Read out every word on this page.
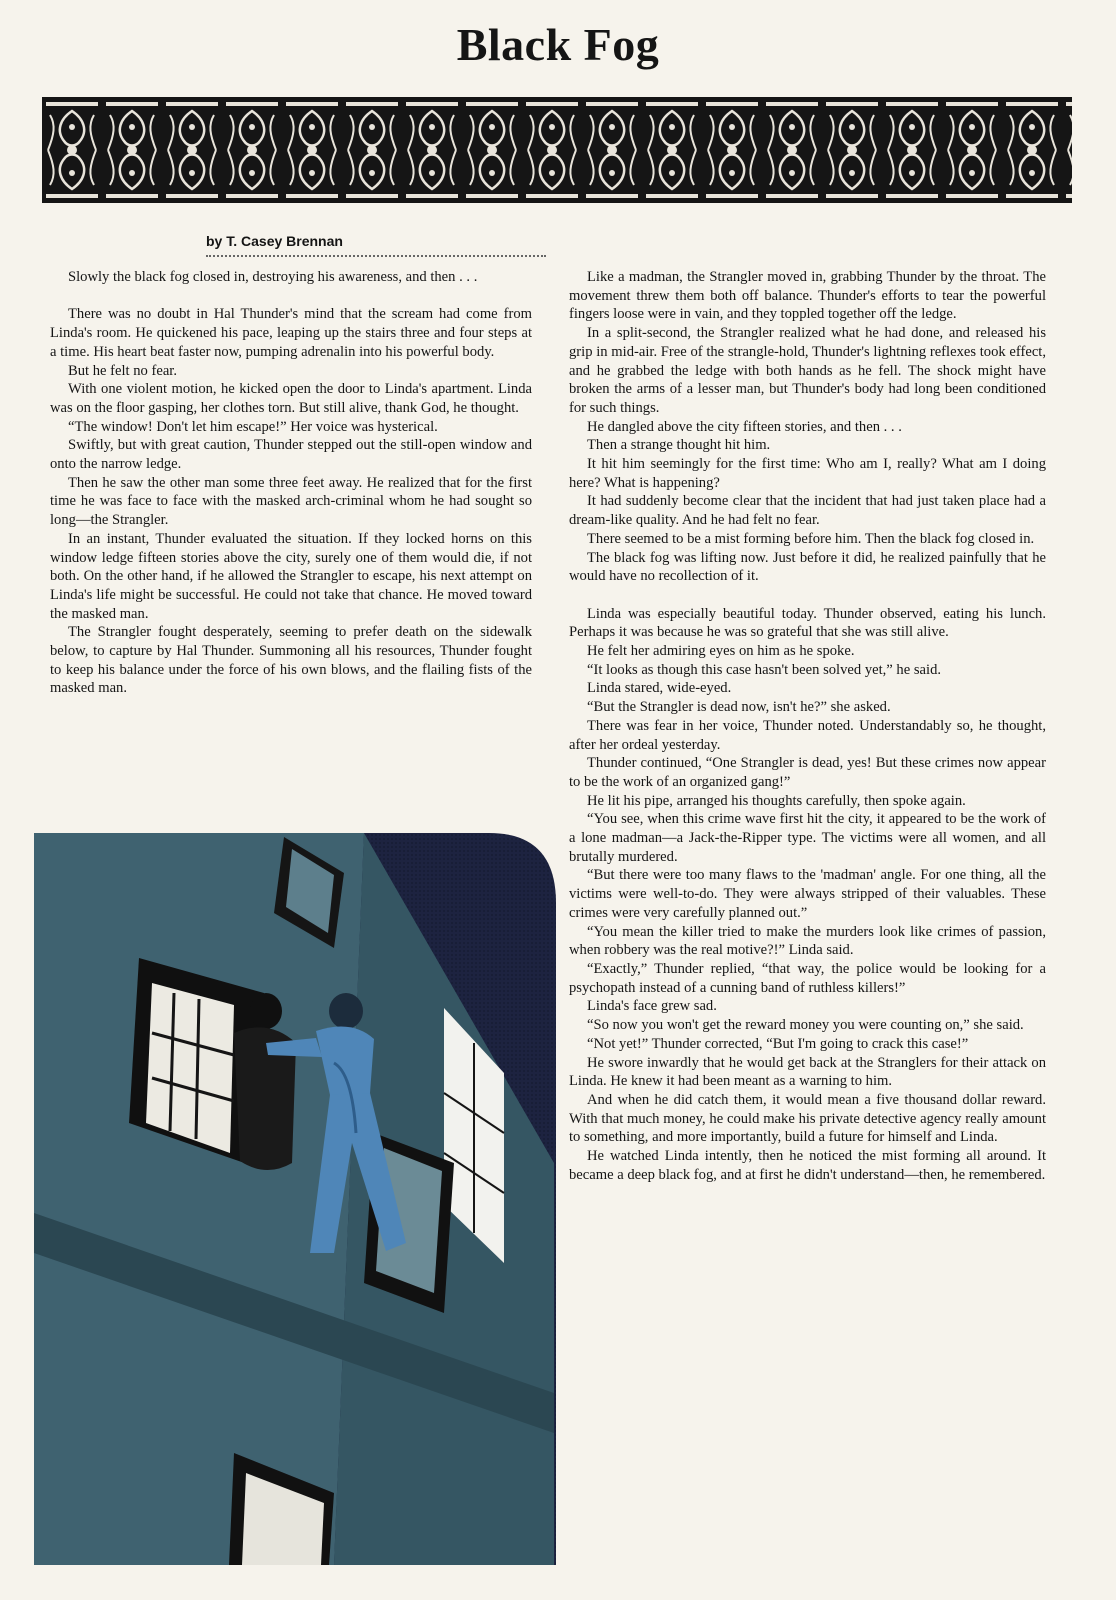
Black Fog
by T. Casey Brennan

Slowly the black fog closed in, destroying his awareness, and then . . .

There was no doubt in Hal Thunder's mind that the scream had come from Linda's room. He quickened his pace, leaping up the stairs three and four steps at a time. His heart beat faster now, pumping adrenalin into his powerful body.

But he felt no fear.

With one violent motion, he kicked open the door to Linda's apartment. Linda was on the floor gasping, her clothes torn. But still alive, thank God, he thought.

“The window! Don't let him escape!” Her voice was hysterical.

Swiftly, but with great caution, Thunder stepped out the still-open window and onto the narrow ledge.

Then he saw the other man some three feet away. He realized that for the first time he was face to face with the masked arch-criminal whom he had sought so long—the Strangler.

In an instant, Thunder evaluated the situation. If they locked horns on this window ledge fifteen stories above the city, surely one of them would die, if not both. On the other hand, if he allowed the Strangler to escape, his next attempt on Linda's life might be successful. He could not take that chance. He moved toward the masked man.

The Strangler fought desperately, seeming to prefer death on the sidewalk below, to capture by Hal Thunder. Summoning all his resources, Thunder fought to keep his balance under the force of his own blows, and the flailing fists of the masked man.

Like a madman, the Strangler moved in, grabbing Thunder by the throat. The movement threw them both off balance. Thunder's efforts to tear the powerful fingers loose were in vain, and they toppled together off the ledge.

In a split-second, the Strangler realized what he had done, and released his grip in mid-air. Free of the strangle-hold, Thunder's lightning reflexes took effect, and he grabbed the ledge with both hands as he fell. The shock might have broken the arms of a lesser man, but Thunder's body had long been conditioned for such things.

He dangled above the city fifteen stories, and then . . .

Then a strange thought hit him.

It hit him seemingly for the first time: Who am I, really? What am I doing here? What is happening?

It had suddenly become clear that the incident that had just taken place had a dream-like quality. And he had felt no fear.

There seemed to be a mist forming before him. Then the black fog closed in.

The black fog was lifting now. Just before it did, he realized painfully that he would have no recollection of it.

Linda was especially beautiful today. Thunder observed, eating his lunch. Perhaps it was because he was so grateful that she was still alive.

He felt her admiring eyes on him as he spoke.

“It looks as though this case hasn't been solved yet,” he said.

Linda stared, wide-eyed.

“But the Strangler is dead now, isn't he?” she asked.

There was fear in her voice, Thunder noted. Understandably so, he thought, after her ordeal yesterday.

Thunder continued, “One Strangler is dead, yes! But these crimes now appear to be the work of an organized gang!”

He lit his pipe, arranged his thoughts carefully, then spoke again.

“You see, when this crime wave first hit the city, it appeared to be the work of a lone madman—a Jack-the-Ripper type. The victims were all women, and all brutally murdered.

“But there were too many flaws to the 'madman' angle. For one thing, all the victims were well-to-do. They were always stripped of their valuables. These crimes were very carefully planned out.”

“You mean the killer tried to make the murders look like crimes of passion, when robbery was the real motive?!” Linda said.

“Exactly,” Thunder replied, “that way, the police would be looking for a psychopath instead of a cunning band of ruthless killers!”

Linda's face grew sad.

“So now you won't get the reward money you were counting on,” she said.

“Not yet!” Thunder corrected, “But I'm going to crack this case!”

He swore inwardly that he would get back at the Stranglers for their attack on Linda. He knew it had been meant as a warning to him.

And when he did catch them, it would mean a five thousand dollar reward. With that much money, he could make his private detective agency really amount to something, and more importantly, build a future for himself and Linda.

He watched Linda intently, then he noticed the mist forming all around. It became a deep black fog, and at first he didn't understand—then, he remembered.
